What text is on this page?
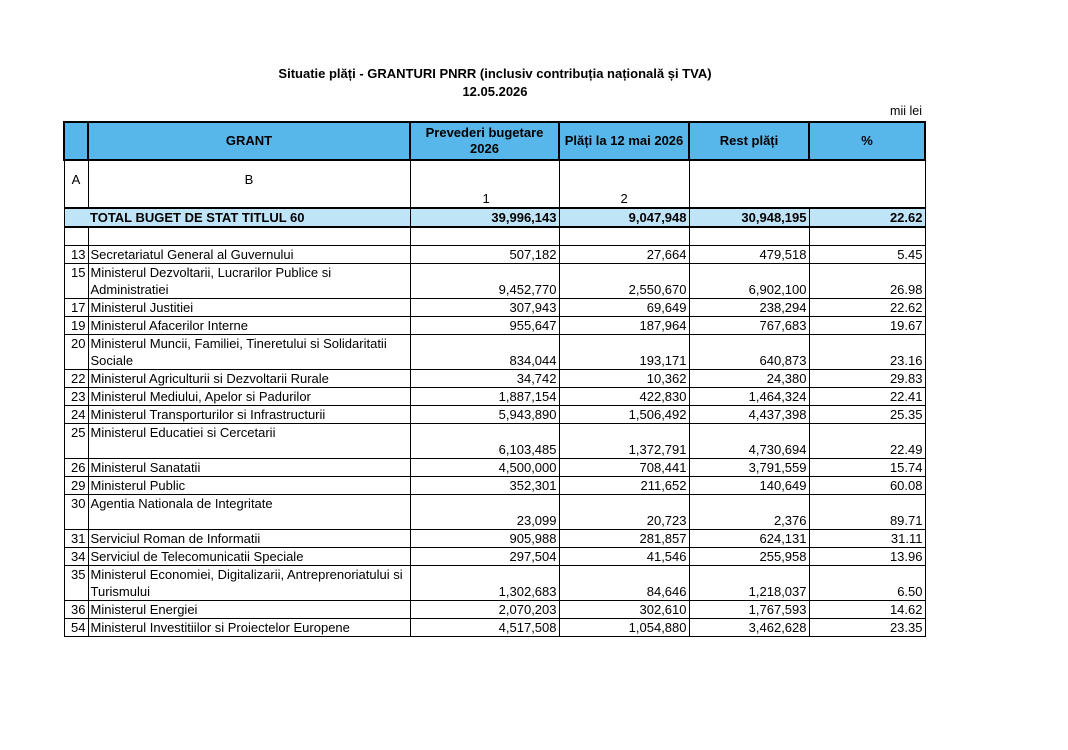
Situatie plăți - GRANTURI PNRR (inclusiv contribuția națională și TVA)
12.05.2026
mii lei
	GRANT	Prevederi bugetare 2026	Plăți la 12 mai 2026	Rest plăți	%
A	B	1	2		
	TOTAL BUGET DE STAT TITLUL 60	39,996,143	9,047,948	30,948,195	22.62

13	Secretariatul General al Guvernului	507,182	27,664	479,518	5.45
15	Ministerul Dezvoltarii, Lucrarilor Publice si Administratiei	9,452,770	2,550,670	6,902,100	26.98
17	Ministerul Justitiei	307,943	69,649	238,294	22.62
19	Ministerul Afacerilor Interne	955,647	187,964	767,683	19.67
20	Ministerul Muncii, Familiei, Tineretului si Solidaritatii Sociale	834,044	193,171	640,873	23.16
22	Ministerul Agriculturii si Dezvoltarii Rurale	34,742	10,362	24,380	29.83
23	Ministerul Mediului, Apelor si Padurilor	1,887,154	422,830	1,464,324	22.41
24	Ministerul Transporturilor si Infrastructurii	5,943,890	1,506,492	4,437,398	25.35
25	Ministerul Educatiei si Cercetarii	6,103,485	1,372,791	4,730,694	22.49
26	Ministerul Sanatatii	4,500,000	708,441	3,791,559	15.74
29	Ministerul Public	352,301	211,652	140,649	60.08
30	Agentia Nationala de Integritate	23,099	20,723	2,376	89.71
31	Serviciul Roman de Informatii	905,988	281,857	624,131	31.11
34	Serviciul de Telecomunicatii Speciale	297,504	41,546	255,958	13.96
35	Ministerul Economiei, Digitalizarii, Antreprenoriatului si Turismului	1,302,683	84,646	1,218,037	6.50
36	Ministerul Energiei	2,070,203	302,610	1,767,593	14.62
54	Ministerul Investitiilor si Proiectelor Europene	4,517,508	1,054,880	3,462,628	23.35
